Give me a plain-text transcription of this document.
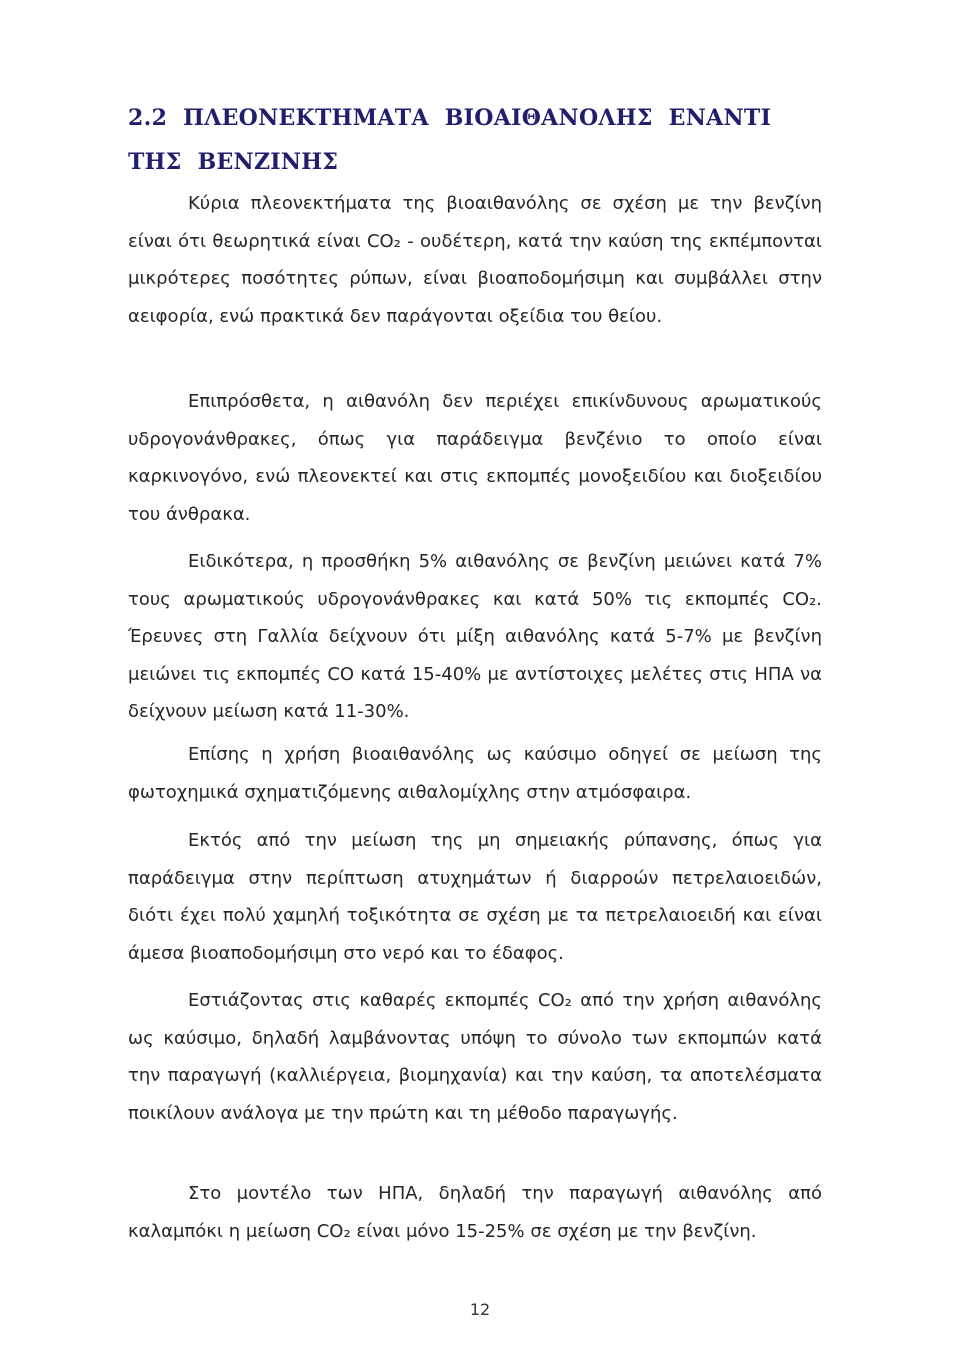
2.2 ΠΛΕΟΝΕΚΤΗΜΑΤΑ ΒΙΟΑΙΘΑΝΟΛΗΣ ΕΝΑΝΤΙ ΤΗΣ ΒΕΝΖΙΝΗΣ

Κύρια πλεονεκτήματα της βιοαιθανόλης σε σχέση με την βενζίνη είναι ότι θεωρητικά είναι CO₂ - ουδέτερη, κατά την καύση της εκπέμπονται μικρότερες ποσότητες ρύπων, είναι βιοαποδομήσιμη και συμβάλλει στην αειφορία, ενώ πρακτικά δεν παράγονται οξείδια του θείου.

Επιπρόσθετα, η αιθανόλη δεν περιέχει επικίνδυνους αρωματικούς υδρογονάνθρακες, όπως για παράδειγμα βενζένιο το οποίο είναι καρκινογόνο, ενώ πλεονεκτεί και στις εκπομπές μονοξειδίου και διοξειδίου του άνθρακα.

Ειδικότερα, η προσθήκη 5% αιθανόλης σε βενζίνη μειώνει κατά 7% τους αρωματικούς υδρογονάνθρακες και κατά 50% τις εκπομπές CO₂. Έρευνες στη Γαλλία δείχνουν ότι μίξη αιθανόλης κατά 5-7% με βενζίνη μειώνει τις εκπομπές CO κατά 15-40% με αντίστοιχες μελέτες στις ΗΠΑ να δείχνουν μείωση κατά 11-30%.

Επίσης η χρήση βιοαιθανόλης ως καύσιμο οδηγεί σε μείωση της φωτοχημικά σχηματιζόμενης αιθαλομίχλης στην ατμόσφαιρα.

Εκτός από την μείωση της μη σημειακής ρύπανσης, όπως για παράδειγμα στην περίπτωση ατυχημάτων ή διαρροών πετρελαιοειδών, διότι έχει πολύ χαμηλή τοξικότητα σε σχέση με τα πετρελαιοειδή και είναι άμεσα βιοαποδομήσιμη στο νερό και το έδαφος.

Εστιάζοντας στις καθαρές εκπομπές CO₂ από την χρήση αιθανόλης ως καύσιμο, δηλαδή λαμβάνοντας υπόψη το σύνολο των εκπομπών κατά την παραγωγή (καλλιέργεια, βιομηχανία) και την καύση, τα αποτελέσματα ποικίλουν ανάλογα με την πρώτη και τη μέθοδο παραγωγής.

Στο μοντέλο των ΗΠΑ, δηλαδή την παραγωγή αιθανόλης από καλαμπόκι η μείωση CO₂ είναι μόνο 15-25% σε σχέση με την βενζίνη.

12
